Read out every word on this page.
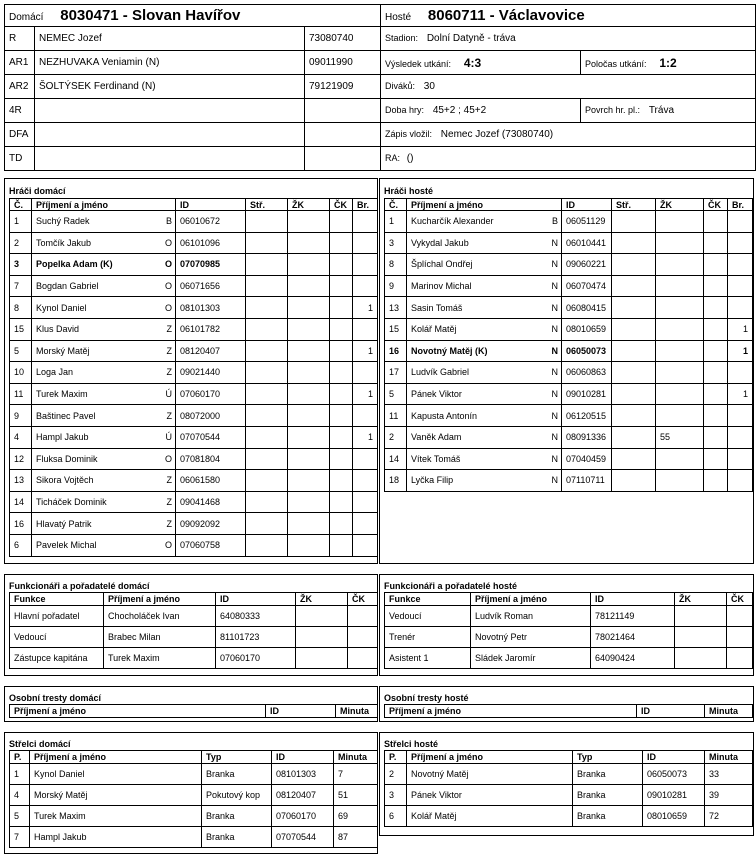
Domácí 8030471 - Slovan Havířov			Hosté 8060711 - Václavovice	
R	NEMEC Jozef	73080740	Stadion: Dolní Datyně - tráva	
AR1	NEZHUVAKA Veniamin (N)	09011990	Výsledek utkání: 4:3	Poločas utkání: 1:2
AR2	ŠOLTÝSEK Ferdinand (N)	79121909	Diváků: 30	
4R			Doba hry: 45+2 ; 45+2	Povrch hr. pl.: Tráva
DFA			Zápis vložil: Nemec Jozef (73080740)	
TD			RA: ()	
Hráči domácí
Č.	Příjmení a jméno	ID	Stř.	ŽK	ČK	Br.
1	Suchý Radek B	06010672				
2	Tomčík Jakub O	06101096				
3	Popelka Adam (K) O	07070985				
7	Bogdan Gabriel O	06071656				
8	Kynol Daniel O	08101303				1
15	Klus David Z	06101782				
5	Morský Matěj Z	08120407				1
10	Loga Jan Z	09021440				
11	Turek Maxim Ú	07060170				1
9	Baštinec Pavel Z	08072000				
4	Hampl Jakub Ú	07070544				1
12	Fluksa Dominik O	07081804				
13	Sikora Vojtěch Z	06061580				
14	Ticháček Dominik Z	09041468				
16	Hlavatý Patrik Z	09092092				
6	Pavelek Michal O	07060758				
Hráči hosté
Č.	Příjmení a jméno	ID	Stř.	ŽK	ČK	Br.
1	Kucharčík Alexander B	06051129				
3	Vykydal Jakub N	06010441				
8	Šplíchal Ondřej N	09060221				
9	Marinov Michal N	06070474				
13	Sasin Tomáš N	06080415				
15	Kolář Matěj N	08010659				1
16	Novotný Matěj (K) N	06050073				1
17	Ludvík Gabriel N	06060863				
5	Pánek Viktor N	09010281				1
11	Kapusta Antonín N	06120515				
2	Vaněk Adam N	08091336		55		
14	Vítek Tomáš N	07040459				
18	Lyčka Filip N	07110711				
Funkcionáři a pořadatelé domácí
Funkce	Příjmení a jméno	ID	ŽK	ČK
Hlavní pořadatel	Chocholáček Ivan	64080333		
Vedoucí	Brabec Milan	81101723		
Zástupce kapitána	Turek Maxim	07060170		
Funkcionáři a pořadatelé hosté
Funkce	Příjmení a jméno	ID	ŽK	ČK
Vedoucí	Ludvík Roman	78121149		
Trenér	Novotný Petr	78021464		
Asistent 1	Sládek Jaromír	64090424		
Osobní tresty domácí
Příjmení a jméno	ID	Minuta
Osobní tresty hosté
Příjmení a jméno	ID	Minuta
Střelci domácí
P.	Příjmení a jméno	Typ	ID	Minuta
1	Kynol Daniel	Branka	08101303	7
4	Morský Matěj	Pokutový kop	08120407	51
5	Turek Maxim	Branka	07060170	69
7	Hampl Jakub	Branka	07070544	87
Střelci hosté
P.	Příjmení a jméno	Typ	ID	Minuta
2	Novotný Matěj	Branka	06050073	33
3	Pánek Viktor	Branka	09010281	39
6	Kolář Matěj	Branka	08010659	72
